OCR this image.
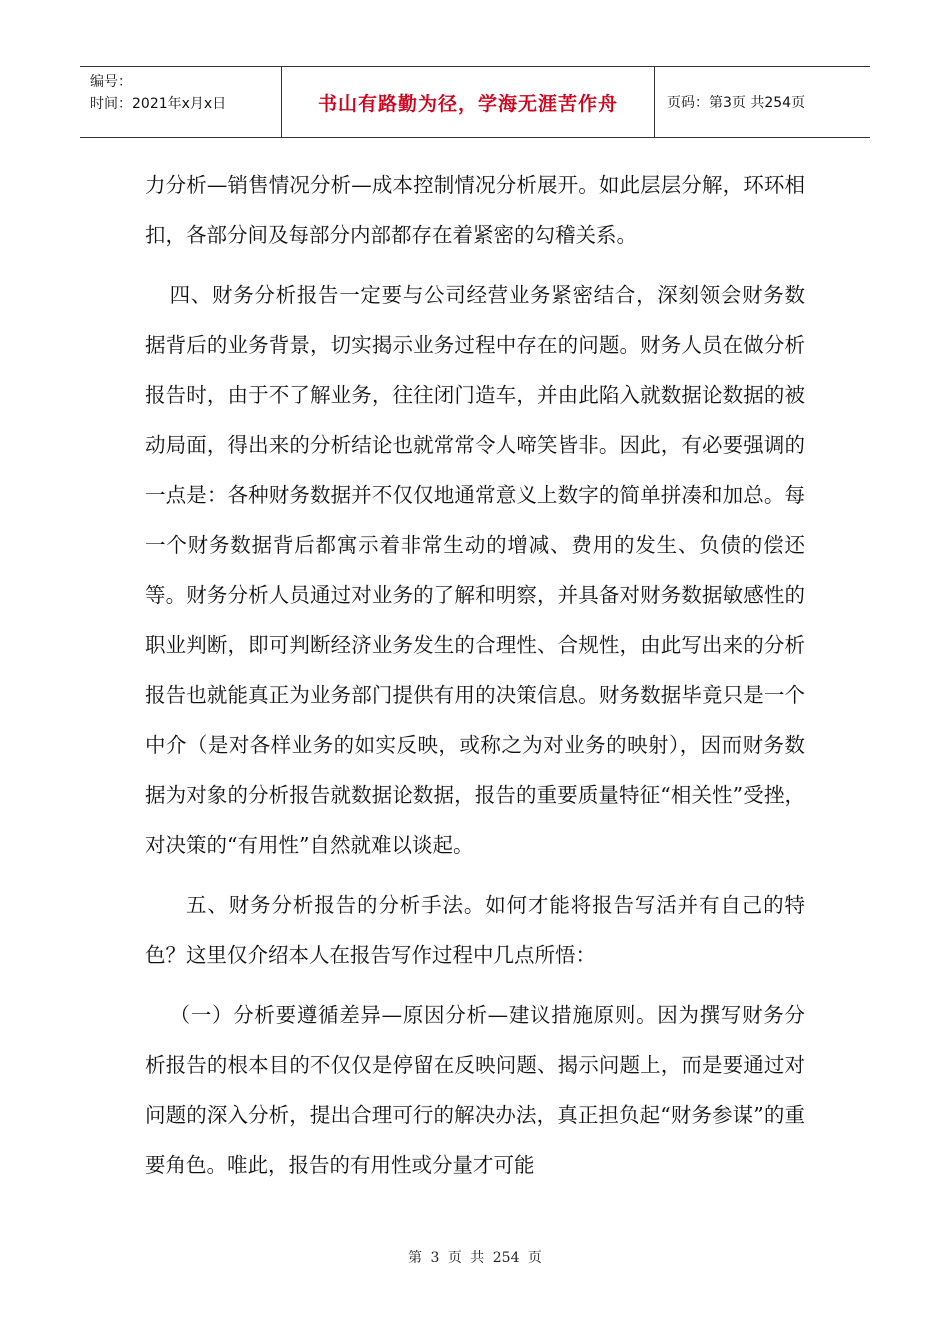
编号：
时间：2021年x月x日	书山有路勤为径，学海无涯苦作舟	页码：第3页 共254页

力分析—销售情况分析—成本控制情况分析展开。如此层层分解，环环相扣，各部分间及每部分内部都存在着紧密的勾稽关系。

四、财务分析报告一定要与公司经营业务紧密结合，深刻领会财务数据背后的业务背景，切实揭示业务过程中存在的问题。财务人员在做分析报告时，由于不了解业务，往往闭门造车，并由此陷入就数据论数据的被动局面，得出来的分析结论也就常常令人啼笑皆非。因此，有必要强调的一点是：各种财务数据并不仅仅地通常意义上数字的简单拼凑和加总。每一个财务数据背后都寓示着非常生动的增减、费用的发生、负债的偿还等。财务分析人员通过对业务的了解和明察，并具备对财务数据敏感性的职业判断，即可判断经济业务发生的合理性、合规性，由此写出来的分析报告也就能真正为业务部门提供有用的决策信息。财务数据毕竟只是一个中介（是对各样业务的如实反映，或称之为对业务的映射），因而财务数据为对象的分析报告就数据论数据，报告的重要质量特征“相关性”受挫，对决策的“有用性”自然就难以谈起。

五、财务分析报告的分析手法。如何才能将报告写活并有自己的特色？这里仅介绍本人在报告写作过程中几点所悟：

（一）分析要遵循差异—原因分析—建议措施原则。因为撰写财务分析报告的根本目的不仅仅是停留在反映问题、揭示问题上，而是要通过对问题的深入分析，提出合理可行的解决办法，真正担负起“财务参谋”的重要角色。唯此，报告的有用性或分量才可能

第 3 页 共 254 页
